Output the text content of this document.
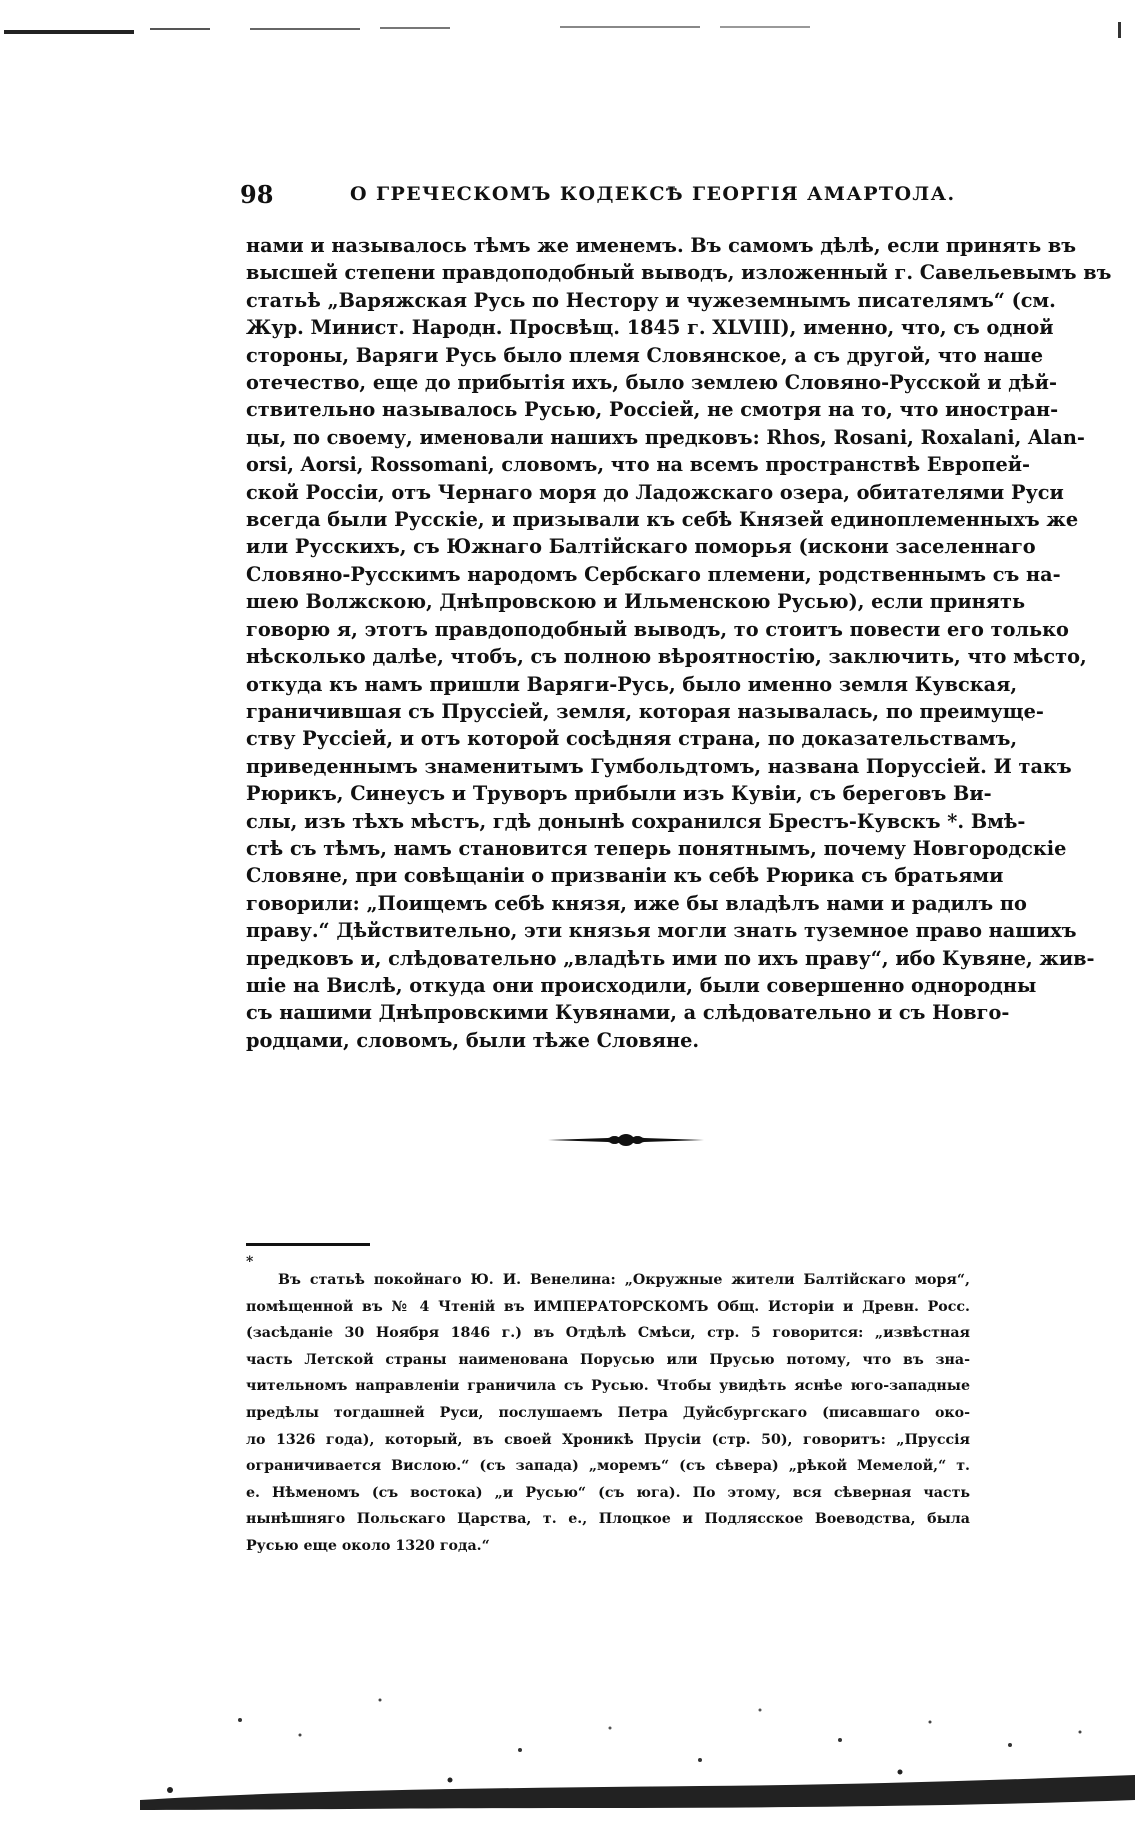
98	О ГРЕЧЕСКОМЪ КОДЕКСѢ ГЕОРГІЯ АМАРТОЛА.
нами и называлось тѣмъ же именемъ. Въ самомъ дѣлѣ, если принять въ
высшей степени правдоподобный выводъ, изложенный г. Савельевымъ въ
статьѣ „Варяжская Русь по Нестору и чужеземнымъ писателямъ“ (см.
Жур. Минист. Народн. Просвѣщ. 1845 г. XLVIII), именно, что, съ одной
стороны, Варяги Русь было племя Словянское, а съ другой, что наше
отечество, еще до прибытія ихъ, было землею Словяно-Русской и дѣй-
ствительно называлось Русью, Россіей, не смотря на то, что иностран-
цы, по своему, именовали нашихъ предковъ: Rhos, Rosani, Roxalani, Alan-
orsi, Aorsi, Rossomani, словомъ, что на всемъ пространствѣ Европей-
ской Россіи, отъ Чернаго моря до Ладожскаго озера, обитателями Руси
всегда были Русскіе, и призывали къ себѣ Князей единоплеменныхъ же
или Русскихъ, съ Южнаго Балтійскаго поморья (искони заселеннаго
Словяно-Русскимъ народомъ Сербскаго племени, родственнымъ съ на-
шею Волжскою, Днѣпровскою и Ильменскою Русью), если принять
говорю я, этотъ правдоподобный выводъ, то стоитъ повести его только
нѣсколько далѣе, чтобъ, съ полною вѣроятностію, заключить, что мѣсто,
откуда къ намъ пришли Варяги-Русь, было именно земля Кувская,
граничившая съ Пруссіей, земля, которая называлась, по преимуще-
ству Руссіей, и отъ которой сосѣдняя страна, по доказательствамъ,
приведеннымъ знаменитымъ Гумбольдтомъ, названа Поруссіей. И такъ
Рюрикъ, Синеусъ и Труворъ прибыли изъ Кувіи, съ береговъ Ви-
слы, изъ тѣхъ мѣстъ, гдѣ донынѣ сохранился Брестъ-Кувскъ *. Вмѣ-
стѣ съ тѣмъ, намъ становится теперь понятнымъ, почему Новгородскіе
Словяне, при совѣщаніи о призваніи къ себѣ Рюрика съ братьями
говорили: „Поищемъ себѣ князя, иже бы владѣлъ нами и радилъ по
праву.“ Дѣйствительно, эти князья могли знать туземное право нашихъ
предковъ и, слѣдовательно „владѣть ими по ихъ праву“, ибо Кувяне, жив-
шіе на Вислѣ, откуда они происходили, были совершенно однородны
съ нашими Днѣпровскими Кувянами, а слѣдовательно и съ Новго-
родцами, словомъ, были тѣже Словяне.
*
Въ статьѣ покойнаго Ю. И. Венелина: „Окружные жители Балтійскаго моря“,
помѣщенной въ № 4 Чтеній въ ИМПЕРАТОРСКОМЪ Общ. Исторіи и Древн. Росс.
(засѣданіе 30 Ноября 1846 г.) въ Отдѣлѣ Смѣси, стр. 5 говорится: „извѣстная
часть Летской страны наименована Порусью или Прусью потому, что въ зна-
чительномъ направленіи граничила съ Русью. Чтобы увидѣть яснѣе юго-западные
предѣлы тогдашней Руси, послушаемъ Петра Дуйсбургскаго (писавшаго око-
ло 1326 года), который, въ своей Хроникѣ Прусіи (стр. 50), говоритъ: „Пруссія
ограничивается Вислою.“ (съ запада) „моремъ“ (съ сѣвера) „рѣкой Мемелой,“ т.
е. Нѣменомъ (съ востока) „и Русью“ (съ юга). По этому, вся сѣверная часть
нынѣшняго Польскаго Царства, т. е., Плоцкое и Подлясское Воеводства, была
Русью еще около 1320 года.“
